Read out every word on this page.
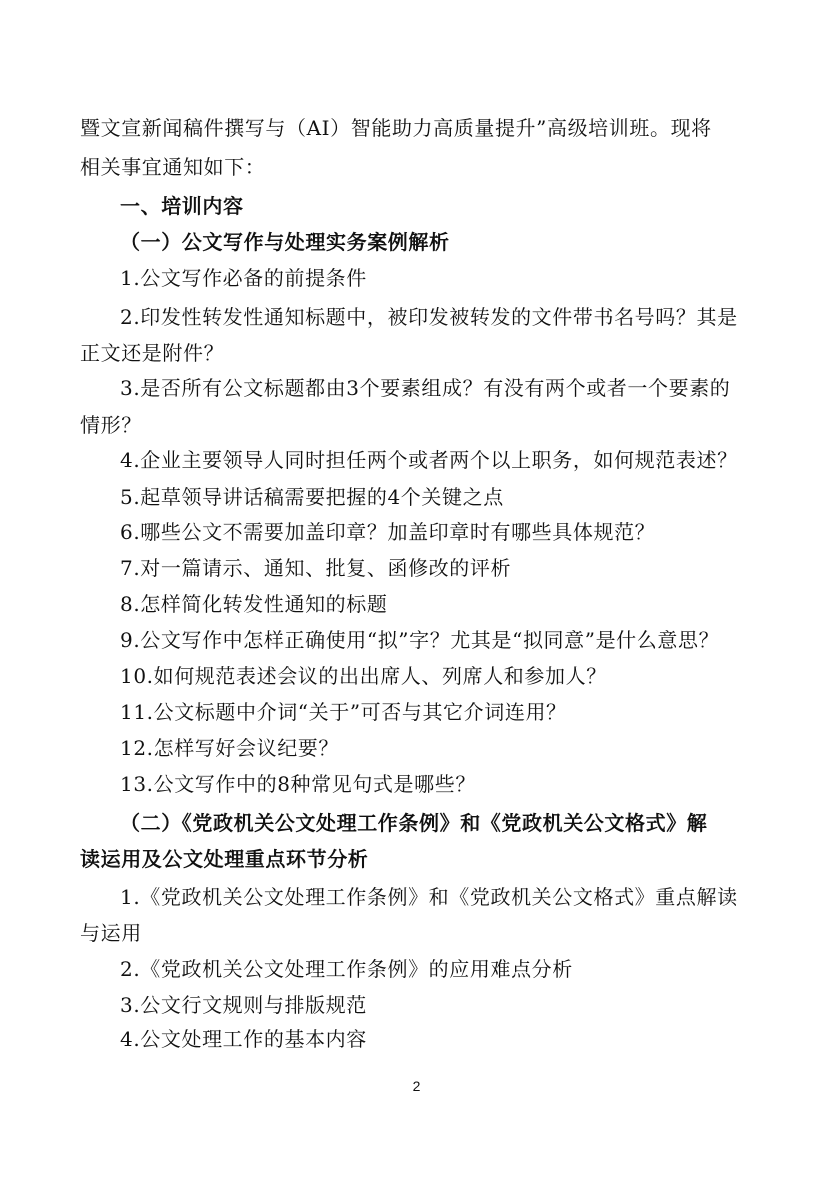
暨文宣新闻稿件撰写与（AI）智能助力高质量提升”高级培训班。现将
相关事宜通知如下：
一、培训内容
（一）公文写作与处理实务案例解析
1.公文写作必备的前提条件
2.印发性转发性通知标题中，被印发被转发的文件带书名号吗？其是
正文还是附件？
3.是否所有公文标题都由3个要素组成？有没有两个或者一个要素的
情形？
4.企业主要领导人同时担任两个或者两个以上职务，如何规范表述？
5.起草领导讲话稿需要把握的4个关键之点
6.哪些公文不需要加盖印章？加盖印章时有哪些具体规范？
7.对一篇请示、通知、批复、函修改的评析
8.怎样简化转发性通知的标题
9.公文写作中怎样正确使用“拟”字？尤其是“拟同意”是什么意思？
10.如何规范表述会议的出出席人、列席人和参加人？
11.公文标题中介词“关于”可否与其它介词连用？
12.怎样写好会议纪要？
13.公文写作中的8种常见句式是哪些？
（二）《党政机关公文处理工作条例》和《党政机关公文格式》解
读运用及公文处理重点环节分析
1.《党政机关公文处理工作条例》和《党政机关公文格式》重点解读
与运用
2.《党政机关公文处理工作条例》的应用难点分析
3.公文行文规则与排版规范
4.公文处理工作的基本内容
2
